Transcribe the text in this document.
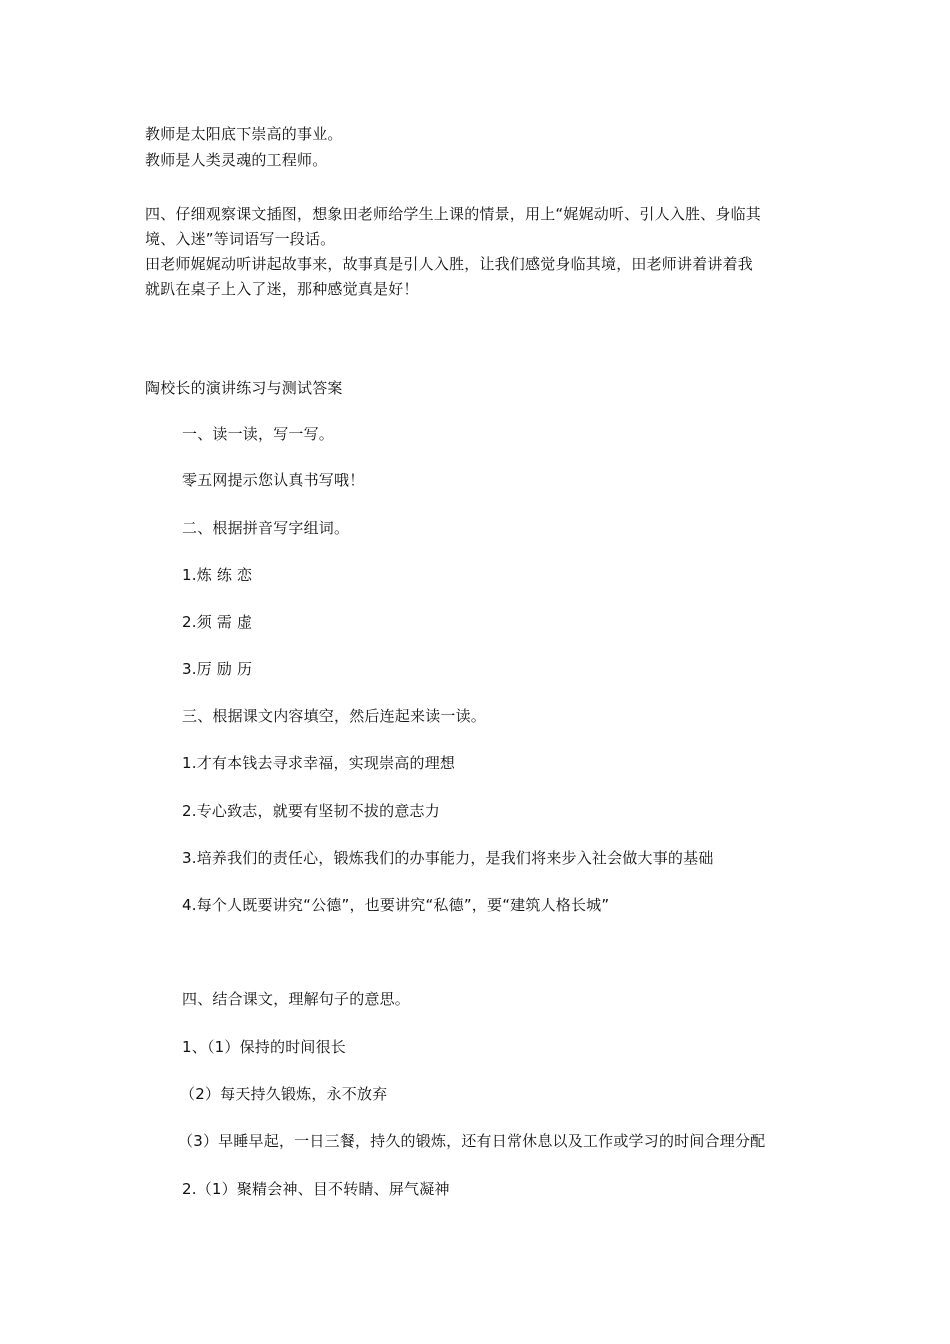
教师是太阳底下崇高的事业。
教师是人类灵魂的工程师。
四、仔细观察课文插图，想象田老师给学生上课的情景，用上“娓娓动听、引人入胜、身临其
境、入迷”等词语写一段话。
田老师娓娓动听讲起故事来，故事真是引人入胜，让我们感觉身临其境，田老师讲着讲着我
就趴在桌子上入了迷，那种感觉真是好！
陶校长的演讲练习与测试答案
一、读一读，写一写。
零五网提示您认真书写哦！
二、根据拼音写字组词。
1.炼 练 恋
2.须 需 虚
3.厉 励 历
三、根据课文内容填空，然后连起来读一读。
1.才有本钱去寻求幸福，实现崇高的理想
2.专心致志，就要有坚韧不拔的意志力
3.培养我们的责任心，锻炼我们的办事能力，是我们将来步入社会做大事的基础
4.每个人既要讲究“公德”，也要讲究“私德”，要“建筑人格长城”
四、结合课文，理解句子的意思。
1、（1）保持的时间很长
（2）每天持久锻炼，永不放弃
（3）早睡早起，一日三餐，持久的锻炼，还有日常休息以及工作或学习的时间合理分配
2.（1）聚精会神、目不转睛、屏气凝神
